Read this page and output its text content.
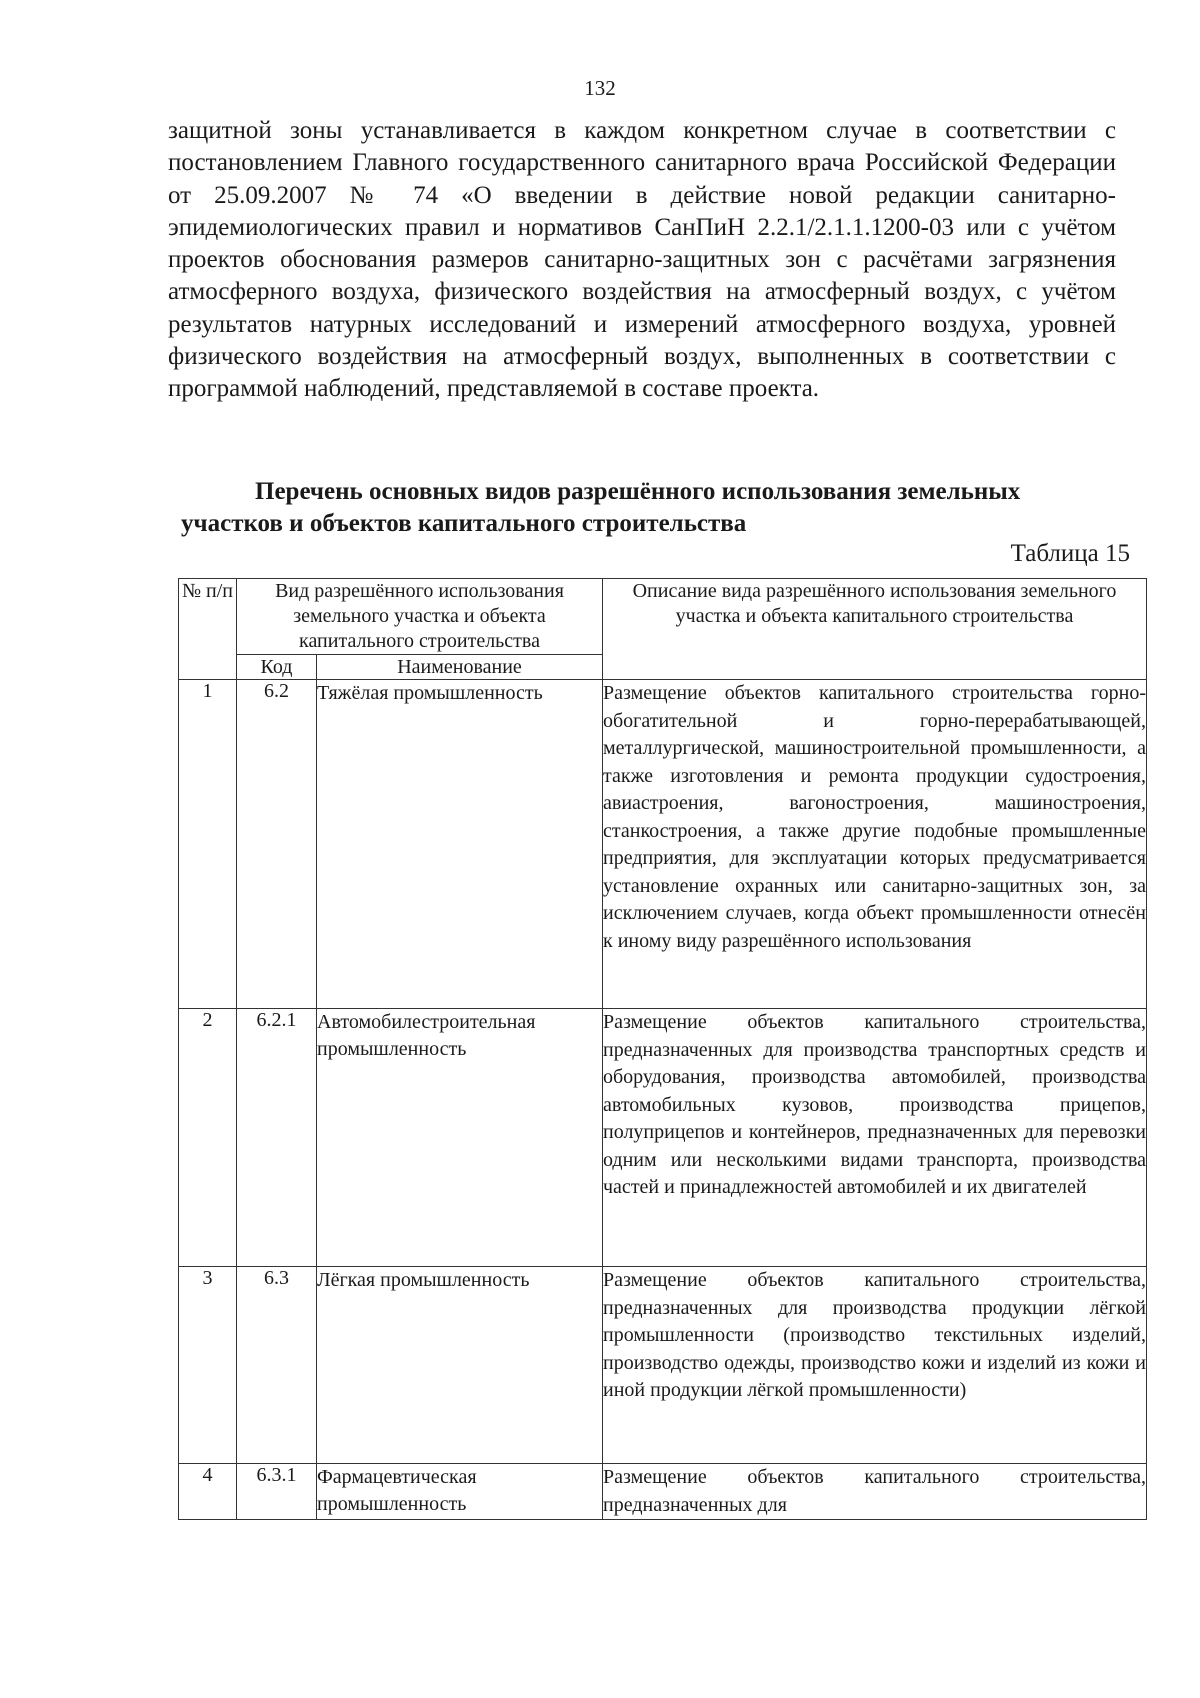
132

защитной зоны устанавливается в каждом конкретном случае в соответствии с постановлением Главного государственного санитарного врача Российской Федерации от 25.09.2007 № 74 «О введении в действие новой редакции санитарно-эпидемиологических правил и нормативов СанПиН 2.2.1/2.1.1.1200-03 или с учётом проектов обоснования размеров санитарно-защитных зон с расчётами загрязнения атмосферного воздуха, физического воздействия на атмосферный воздух, с учётом результатов натурных исследований и измерений атмосферного воздуха, уровней физического воздействия на атмосферный воздух, выполненных в соответствии с программой наблюдений, представляемой в составе проекта.

Перечень основных видов разрешённого использования земельных
участков и объектов капитального строительства
Таблица 15
№ п/п	Вид разрешённого использования земельного участка и объекта капитального строительства		Описание вида разрешённого использования земельного участка и объекта капитального строительства
	Код	Наименование	
1	6.2	Тяжёлая промышленность	Размещение объектов капитального строительства горно-обогатительной и горно-перерабатывающей, металлургической, машиностроительной промышленности, а также изготовления и ремонта продукции судостроения, авиастроения, вагоностроения, машиностроения, станкостроения, а также другие подобные промышленные предприятия, для эксплуатации которых предусматривается установление охранных или санитарно-защитных зон, за исключением случаев, когда объект промышленности отнесён к иному виду разрешённого использования

2	6.2.1	Автомобилестроительная промышленность	Размещение объектов капитального строительства, предназначенных для производства транспортных средств и оборудования, производства автомобилей, производства автомобильных кузовов, производства прицепов, полуприцепов и контейнеров, предназначенных для перевозки одним или несколькими видами транспорта, производства частей и принадлежностей автомобилей и их двигателей

3	6.3	Лёгкая промышленность	Размещение объектов капитального строительства, предназначенных для производства продукции лёгкой промышленности (производство текстильных изделий, производство одежды, производство кожи и изделий из кожи и иной продукции лёгкой промышленности)

4	6.3.1	Фармацевтическая промышленность	Размещение объектов капитального строительства, предназначенных для
